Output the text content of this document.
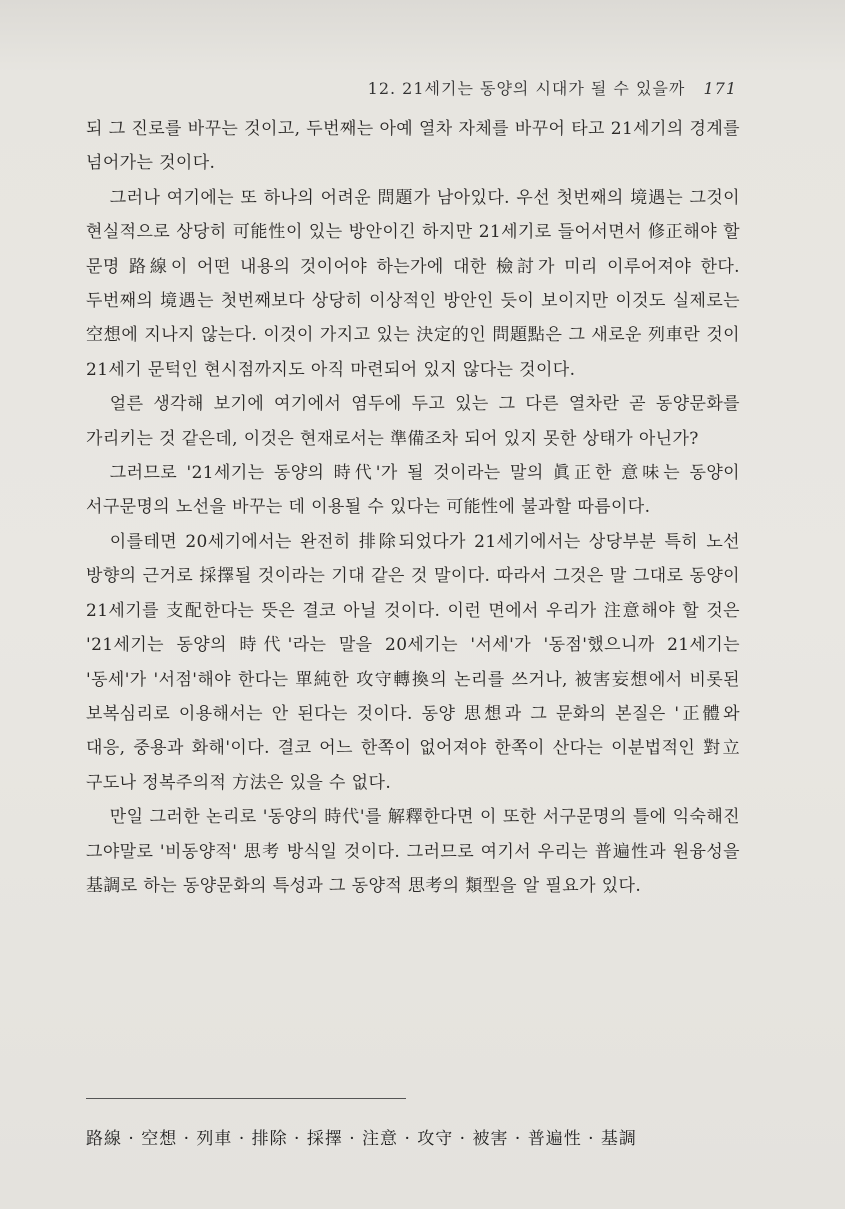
12. 21세기는 동양의 시대가 될 수 있을까 171

되 그 진로를 바꾸는 것이고, 두번째는 아예 열차 자체를 바꾸어 타고 21세기의 경계를 넘어가는 것이다.

그러나 여기에는 또 하나의 어려운 問題가 남아있다. 우선 첫번째의 境遇는 그것이 현실적으로 상당히 可能性이 있는 방안이긴 하지만 21세기로 들어서면서 修正해야 할 문명 路線이 어떤 내용의 것이어야 하는가에 대한 檢討가 미리 이루어져야 한다. 두번째의 境遇는 첫번째보다 상당히 이상적인 방안인 듯이 보이지만 이것도 실제로는 空想에 지나지 않는다. 이것이 가지고 있는 決定的인 問題點은 그 새로운 列車란 것이 21세기 문턱인 현시점까지도 아직 마련되어 있지 않다는 것이다.

얼른 생각해 보기에 여기에서 염두에 두고 있는 그 다른 열차란 곧 동양문화를 가리키는 것 같은데, 이것은 현재로서는 準備조차 되어 있지 못한 상태가 아닌가?

그러므로 '21세기는 동양의 時代'가 될 것이라는 말의 眞正한 意味는 동양이 서구문명의 노선을 바꾸는 데 이용될 수 있다는 可能性에 불과할 따름이다.

이를테면 20세기에서는 완전히 排除되었다가 21세기에서는 상당부분 특히 노선 방향의 근거로 採擇될 것이라는 기대 같은 것 말이다. 따라서 그것은 말 그대로 동양이 21세기를 支配한다는 뜻은 결코 아닐 것이다. 이런 면에서 우리가 注意해야 할 것은 '21세기는 동양의 時代'라는 말을 20세기는 '서세'가 '동점'했으니까 21세기는 '동세'가 '서점'해야 한다는 單純한 攻守轉換의 논리를 쓰거나, 被害妄想에서 비롯된 보복심리로 이용해서는 안 된다는 것이다. 동양 思想과 그 문화의 본질은 '正體와 대응, 중용과 화해'이다. 결코 어느 한쪽이 없어져야 한쪽이 산다는 이분법적인 對立 구도나 정복주의적 方法은 있을 수 없다.

만일 그러한 논리로 '동양의 時代'를 解釋한다면 이 또한 서구문명의 틀에 익숙해진 그야말로 '비동양적' 思考 방식일 것이다. 그러므로 여기서 우리는 普遍性과 원융성을 基調로 하는 동양문화의 특성과 그 동양적 思考의 類型을 알 필요가 있다.

路線 · 空想 · 列車 · 排除 · 採擇 · 注意 · 攻守 · 被害 · 普遍性 · 基調
